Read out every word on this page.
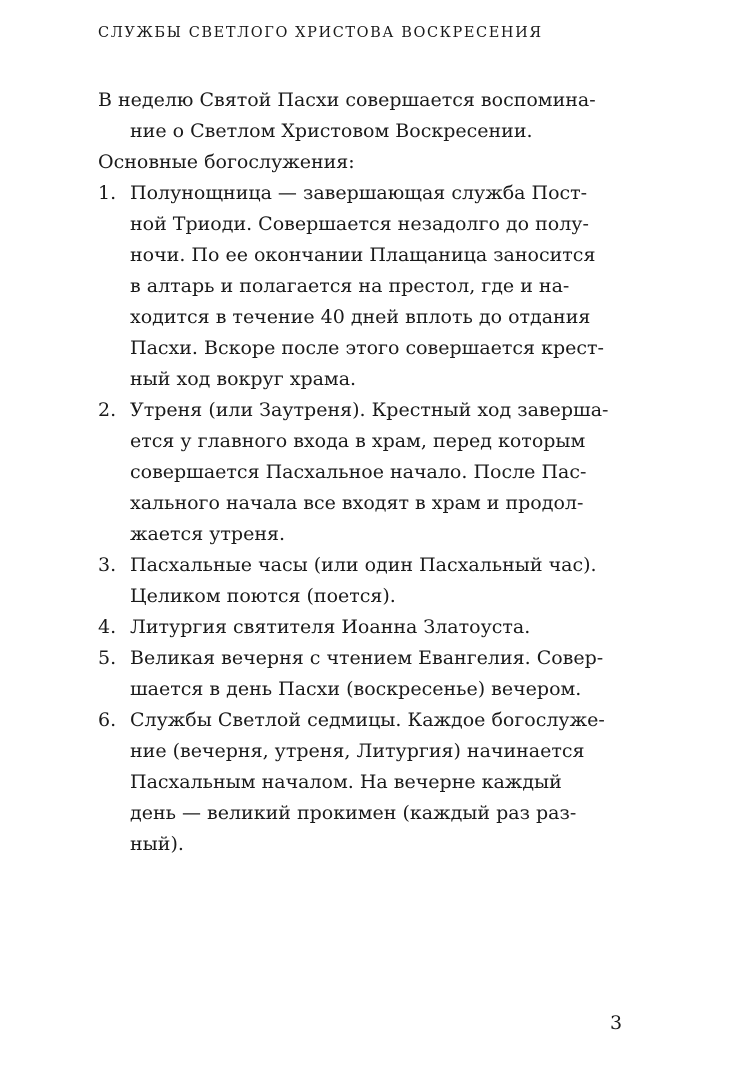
СЛУЖБЫ СВЕТЛОГО ХРИСТОВА ВОСКРЕСЕНИЯ
В неделю Святой Пасхи совершается воспомина-
ние о Светлом Христовом Воскресении.
Основные богослужения:
1. Полунощница — завершающая служба Пост-
ной Триоди. Совершается незадолго до полу-
ночи. По ее окончании Плащаница заносится
в алтарь и полагается на престол, где и на-
ходится в течение 40 дней вплоть до отдания
Пасхи. Вскоре после этого совершается крест-
ный ход вокруг храма.
2. Утреня (или Заутреня). Крестный ход заверша-
ется у главного входа в храм, перед которым
совершается Пасхальное начало. После Пас-
хального начала все входят в храм и продол-
жается утреня.
3. Пасхальные часы (или один Пасхальный час).
Целиком поются (поется).
4. Литургия святителя Иоанна Златоуста.
5. Великая вечерня с чтением Евангелия. Совер-
шается в день Пасхи (воскресенье) вечером.
6. Службы Светлой седмицы. Каждое богослуже-
ние (вечерня, утреня, Литургия) начинается
Пасхальным началом. На вечерне каждый
день — великий прокимен (каждый раз раз-
ный).
3
